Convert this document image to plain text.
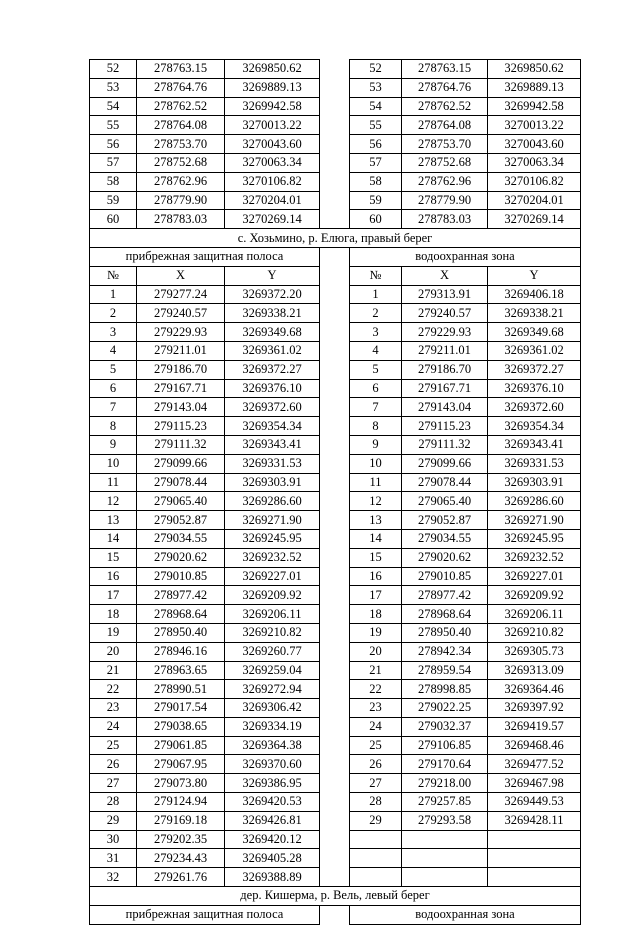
52	278763.15	3269850.62		52	278763.15	3269850.62
53	278764.76	3269889.13		53	278764.76	3269889.13
54	278762.52	3269942.58		54	278762.52	3269942.58
55	278764.08	3270013.22		55	278764.08	3270013.22
56	278753.70	3270043.60		56	278753.70	3270043.60
57	278752.68	3270063.34		57	278752.68	3270063.34
58	278762.96	3270106.82		58	278762.96	3270106.82
59	278779.90	3270204.01		59	278779.90	3270204.01
60	278783.03	3270269.14		60	278783.03	3270269.14
с. Хозьмино, р. Елюга, правый берег						
прибрежная защитная полоса				водоохранная зона		
№	X	Y		№	X	Y
1	279277.24	3269372.20		1	279313.91	3269406.18
2	279240.57	3269338.21		2	279240.57	3269338.21
3	279229.93	3269349.68		3	279229.93	3269349.68
4	279211.01	3269361.02		4	279211.01	3269361.02
5	279186.70	3269372.27		5	279186.70	3269372.27
6	279167.71	3269376.10		6	279167.71	3269376.10
7	279143.04	3269372.60		7	279143.04	3269372.60
8	279115.23	3269354.34		8	279115.23	3269354.34
9	279111.32	3269343.41		9	279111.32	3269343.41
10	279099.66	3269331.53		10	279099.66	3269331.53
11	279078.44	3269303.91		11	279078.44	3269303.91
12	279065.40	3269286.60		12	279065.40	3269286.60
13	279052.87	3269271.90		13	279052.87	3269271.90
14	279034.55	3269245.95		14	279034.55	3269245.95
15	279020.62	3269232.52		15	279020.62	3269232.52
16	279010.85	3269227.01		16	279010.85	3269227.01
17	278977.42	3269209.92		17	278977.42	3269209.92
18	278968.64	3269206.11		18	278968.64	3269206.11
19	278950.40	3269210.82		19	278950.40	3269210.82
20	278946.16	3269260.77		20	278942.34	3269305.73
21	278963.65	3269259.04		21	278959.54	3269313.09
22	278990.51	3269272.94		22	278998.85	3269364.46
23	279017.54	3269306.42		23	279022.25	3269397.92
24	279038.65	3269334.19		24	279032.37	3269419.57
25	279061.85	3269364.38		25	279106.85	3269468.46
26	279067.95	3269370.60		26	279170.64	3269477.52
27	279073.80	3269386.95		27	279218.00	3269467.98
28	279124.94	3269420.53		28	279257.85	3269449.53
29	279169.18	3269426.81		29	279293.58	3269428.11
30	279202.35	3269420.12				
31	279234.43	3269405.28				
32	279261.76	3269388.89				
дер. Кишерма, р. Вель, левый берег						
прибрежная защитная полоса				водоохранная зона		
